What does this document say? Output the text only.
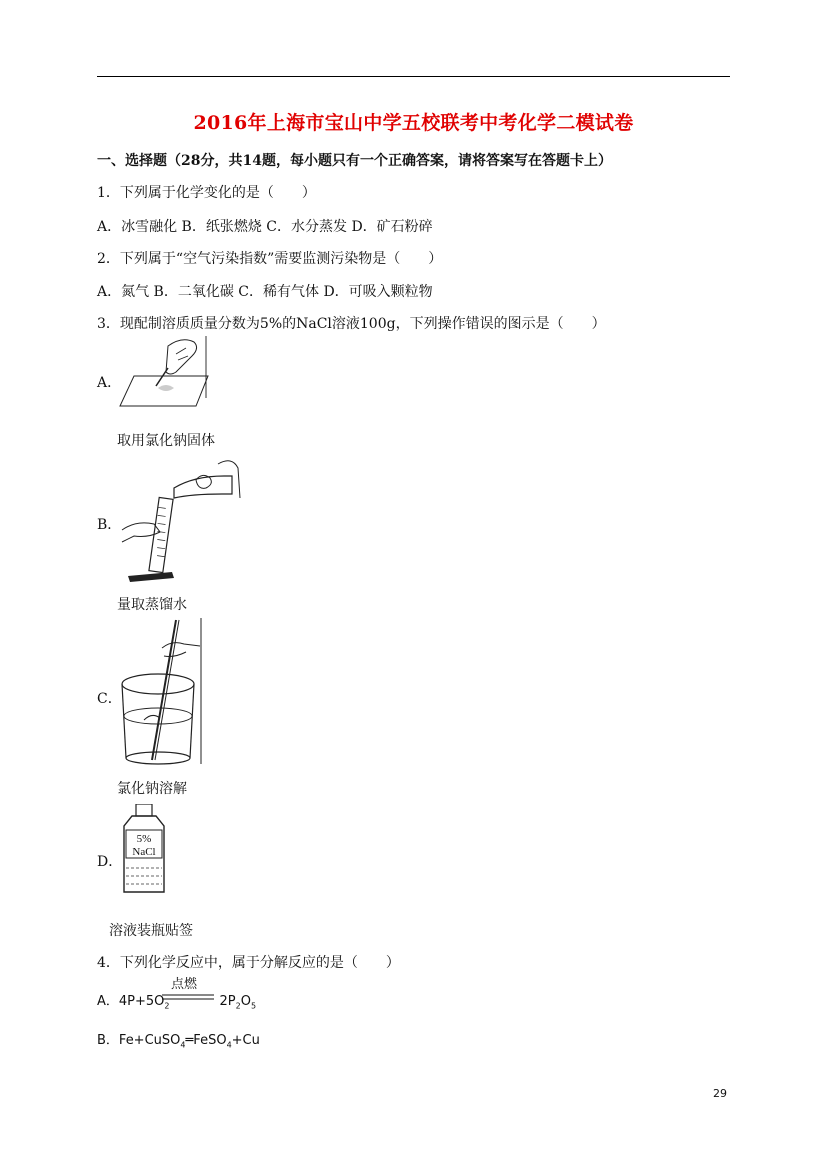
2016年上海市宝山中学五校联考中考化学二模试卷
一、选择题（28分，共14题，每小题只有一个正确答案，请将答案写在答题卡上）
1．下列属于化学变化的是（　　）
A．冰雪融化 B．纸张燃烧 C．水分蒸发 D．矿石粉碎
2．下列属于“空气污染指数”需要监测污染物是（　　）
A．氮气 B．二氧化碳 C．稀有气体 D．可吸入颗粒物
3．现配制溶质质量分数为5%的NaCl溶液100g，下列操作错误的图示是（　　）
A．
取用氯化钠固体
B．
量取蒸馏水
C．
氯化钠溶解
D．
5%
NaCl
溶液装瓶贴签
4．下列化学反应中，属于分解反应的是（　　）
A．$4P+5O_2$	$2P_2O_5$
点燃
B．Fe+CuSO$_4$═FeSO$_4$+Cu
29
